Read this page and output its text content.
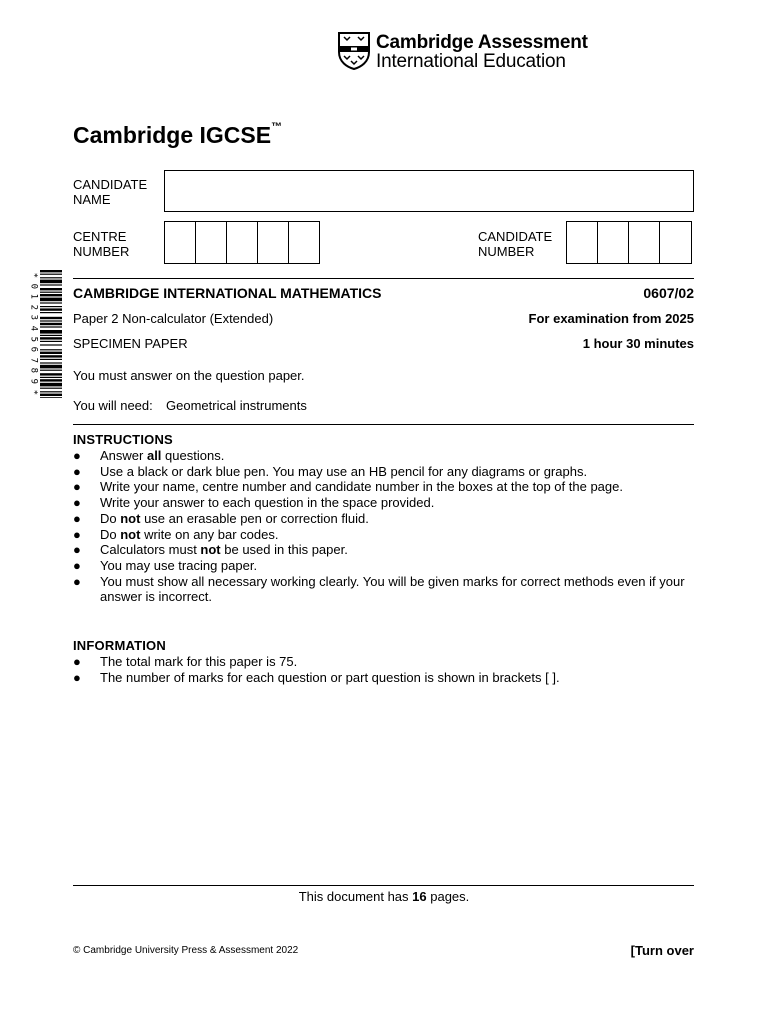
Cambridge Assessment
International Education
Cambridge IGCSE™
CANDIDATE
NAME
CENTRE
NUMBER
CANDIDATE
NUMBER
*
0
1
2
3
4
5
6
7
8
9
*
CAMBRIDGE INTERNATIONAL MATHEMATICS	0607/02
Paper 2 Non-calculator (Extended)	For examination from 2025
SPECIMEN PAPER	1 hour 30 minutes
You must answer on the question paper.
You will need: Geometrical instruments
INSTRUCTIONS
● Answer all questions.
● Use a black or dark blue pen. You may use an HB pencil for any diagrams or graphs.
● Write your name, centre number and candidate number in the boxes at the top of the page.
● Write your answer to each question in the space provided.
● Do not use an erasable pen or correction fluid.
● Do not write on any bar codes.
● Calculators must not be used in this paper.
● You may use tracing paper.
● You must show all necessary working clearly. You will be given marks for correct methods even if your answer is incorrect.
INFORMATION
● The total mark for this paper is 75.
● The number of marks for each question or part question is shown in brackets [ ].
This document has 16 pages.
© Cambridge University Press & Assessment 2022	[Turn over
